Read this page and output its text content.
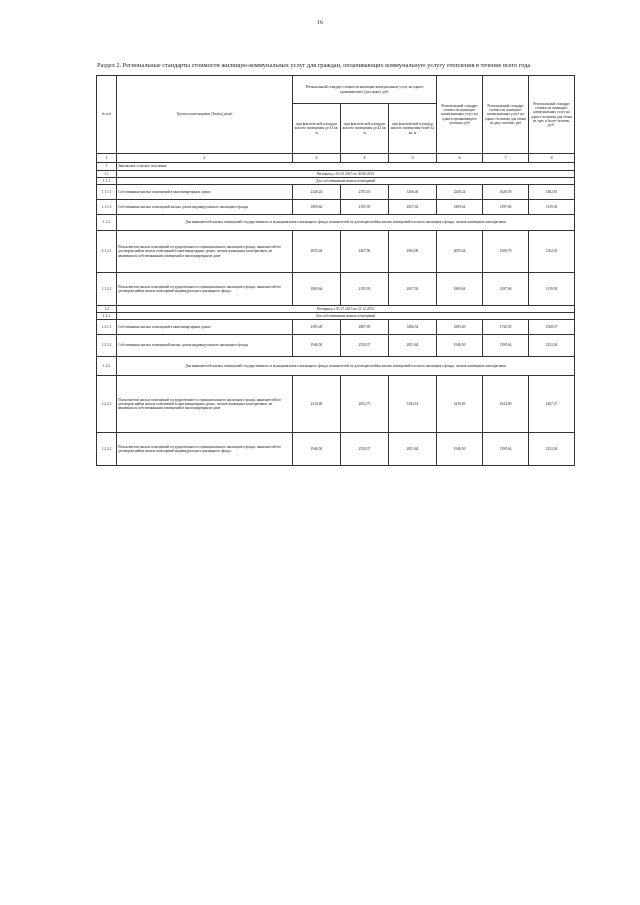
16
Раздел 2. Региональные стандарты стоимости жилищно-коммунальных услуг для граждан, оплачивающих коммунальную услугу отопления в течение всего года
№ п/п	Группа плательщиков (Тип(ы) дома)	Региональный стандарт стоимости жилищно-коммунальных услуг на одного проживающего (для ниже), руб.			Региональный стандарт стоимости жилищно-коммунальных услуг на одного проживающего человека, руб	Региональный стандарт стоимости жилищно-коммунальных услуг на одного человека для семьи из двух человек, руб	Региональный стандарт стоимости жилищно-коммунальных услуг на одного человека для семьи из трех и более человек, руб.
		при фактической площади жилого помещения до 33 кв. м	при фактической площади жилого помещения до 42 кв. м	при фактической площади жилого помещения более 42 кв. м			
1	2	3	4	5	6	7	8
1	Заволжское сельское поселение						
1.1	На период с 01.01.2015 по 30.06.2015						
1.1.1	Для собственников жилых помещений						
1.1.1.1	Собственники жилых помещений в многоквартирных домах	2240,24	2703,16	3266,40	2240,24	1626,39	1462,81
1.1.1.2	Собственники жилых помещений жилых домов индивидуального жилищного фонда	1809,64	2195,93	2657,02	1809,64	1297,96	1159,92
1.1.2	Для нанимателей жилых помещений государственного и муниципального жилищного фонда, нанимателей по договорам найма жилых помещений частного жилищного фонда, членов жилищных кооперативов						
1.1.2.1	Пользователи жилых помещений государственного и муниципального жилищного фонда, нанимателей по договорам найма жилых помещений в многоквартирных домах, членов жилищных кооперативов, не являющихся собственниками помещений в многоквартирном доме	2055,44	2467,96	2964,00	2055,44	1508,79	1362,01
1.1.2.2	Пользователи жилых помещений государственного и муниципального жилищного фонда, нанимателей по договорам найма жилых помещений индивидуального жилищного фонда	1809,64	2195,93	2657,02	1809,64	1297,96	1159,92
1.2	На период с 01.07.2015 по 31.12.2015						
1.2.1	Для собственников жилых помещений						
1.2.1.1	Собственники жилых помещений в многоквартирных домах	2395,49	2887,95	3486,54	2395,49	1742,50	1568,37
1.2.1.2	Собственники жилых помещений жилых домов индивидуального жилищного фонда	1946,50	2359,37	2851,84	1946,50	1399,64	1252,04
1.2.2	Для нанимателей жилых помещений государственного и муниципального жилищного фонда, нанимателей по договорам найма жилых помещений частного жилищного фонда, членов жилищных кооперативов						
1.2.2.1	Пользователи жилых помещений государственного и муниципального жилищного фонда, нанимателей по договорам найма жилых помещений в многоквартирных домах, членов жилищных кооперативов, не являющихся собственниками помещений в многоквартирном доме	2210,69	2652,75	3184,14	2210,69	1624,90	1467,57
1.2.2.2	Пользователи жилых помещений государственного и муниципального жилищного фонда, нанимателей по договорам найма жилых помещений индивидуального жилищного фонда	1946,50	2359,37	2851,84	1946,50	1399,64	1252,04
